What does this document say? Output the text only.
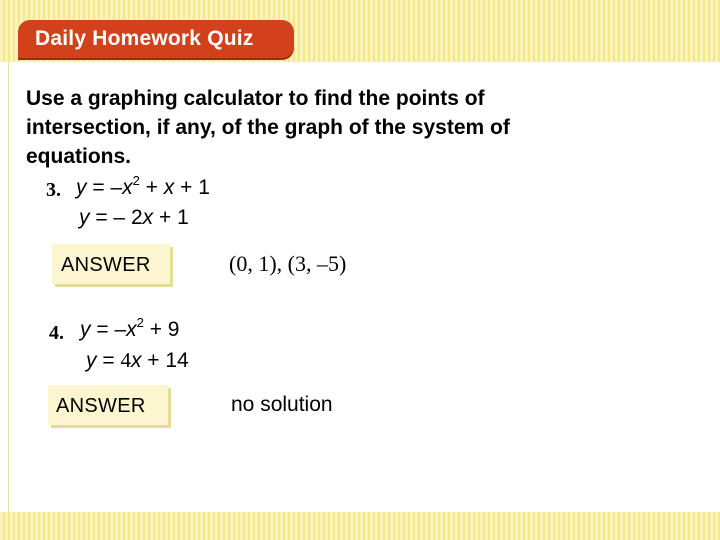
Daily Homework Quiz
Use a graphing calculator to find the points of intersection, if any, of the graph of the system of equations.
3. $y = -x^2 + x + 1$
y = – 2x + 1
ANSWER	(0, 1), (3, –5)
4. $y = -x^2 + 9$
y = 4x + 14
ANSWER	no solution
